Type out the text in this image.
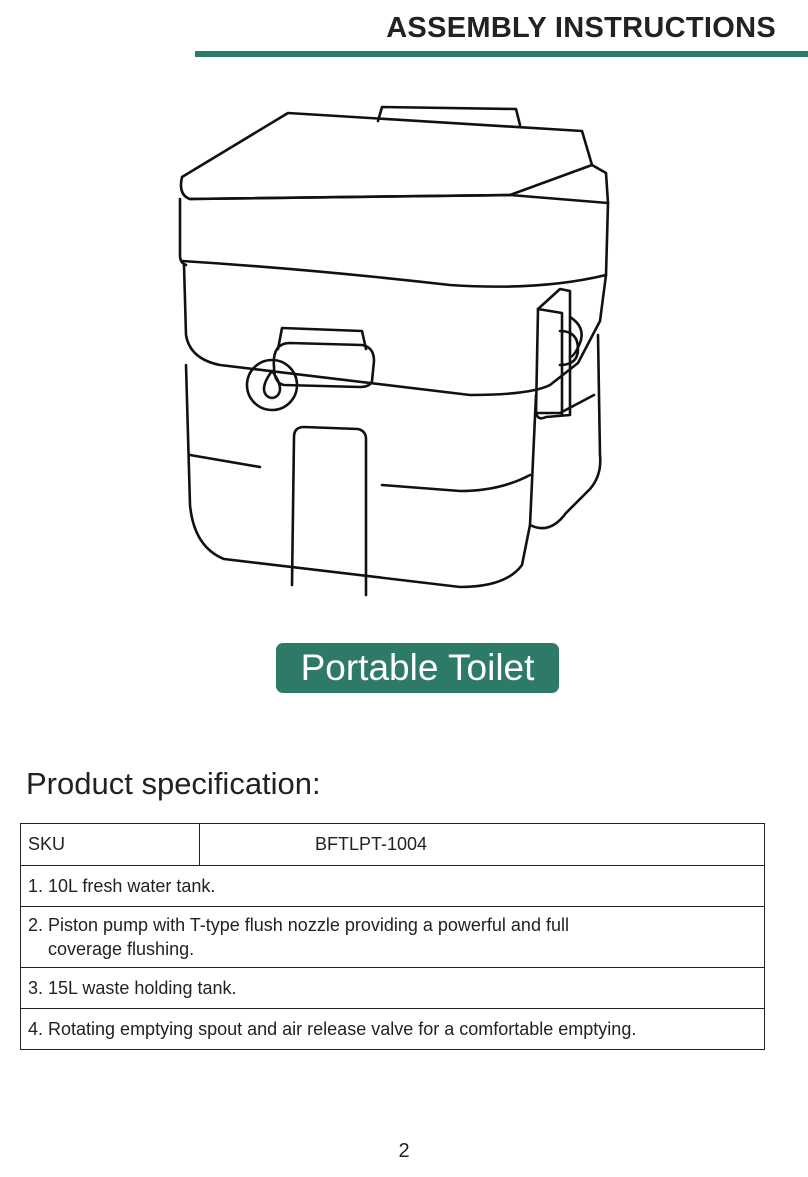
ASSEMBLY INSTRUCTIONS
Portable Toilet
Product specification:
SKU	BFTLPT-1004
1. 10L fresh water tank.

2. Piston pump with T-type flush nozzle providing a powerful and full
coverage flushing.

3. 15L waste holding tank.
4. Rotating emptying spout and air release valve for a comfortable emptying.
2
